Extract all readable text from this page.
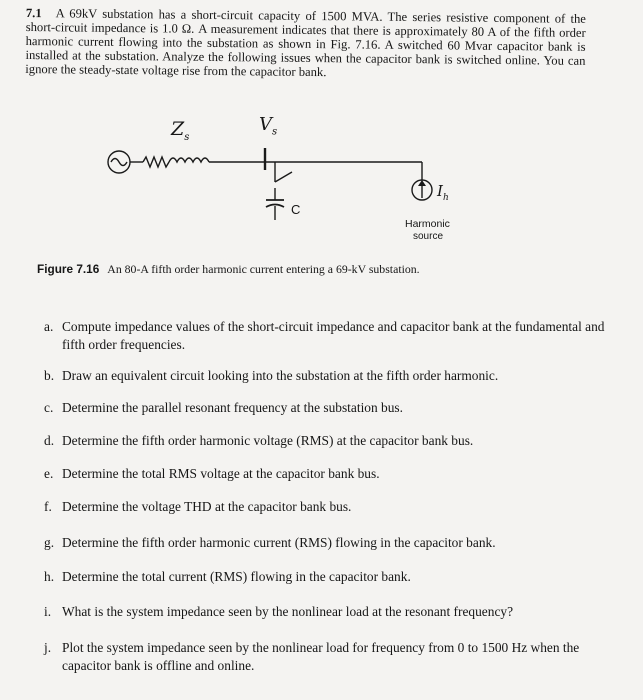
7.1 A 69kV substation has a short-circuit capacity of 1500 MVA. The series resistive component of the short-circuit impedance is 1.0 Ω. A measurement indicates that there is approximately 80 A of the fifth order harmonic current flowing into the substation as shown in Fig. 7.16. A switched 60 Mvar capacitor bank is installed at the substation. Analyze the following issues when the capacitor bank is switched online. You can ignore the steady-state voltage rise from the capacitor bank.

$Z_s$
$V_s$
C
$I_h$
Harmonic
source
Figure 7.16 An 80-A fifth order harmonic current entering a 69-kV substation.
a. Compute impedance values of the short-circuit impedance and capacitor bank at the fundamental and fifth order frequencies.
b. Draw an equivalent circuit looking into the substation at the fifth order harmonic.
c. Determine the parallel resonant frequency at the substation bus.
d. Determine the fifth order harmonic voltage (RMS) at the capacitor bank bus.
e. Determine the total RMS voltage at the capacitor bank bus.
f. Determine the voltage THD at the capacitor bank bus.
g. Determine the fifth order harmonic current (RMS) flowing in the capacitor bank.
h. Determine the total current (RMS) flowing in the capacitor bank.
i. What is the system impedance seen by the nonlinear load at the resonant frequency?
j. Plot the system impedance seen by the nonlinear load for frequency from 0 to 1500 Hz when the capacitor bank is offline and online.
